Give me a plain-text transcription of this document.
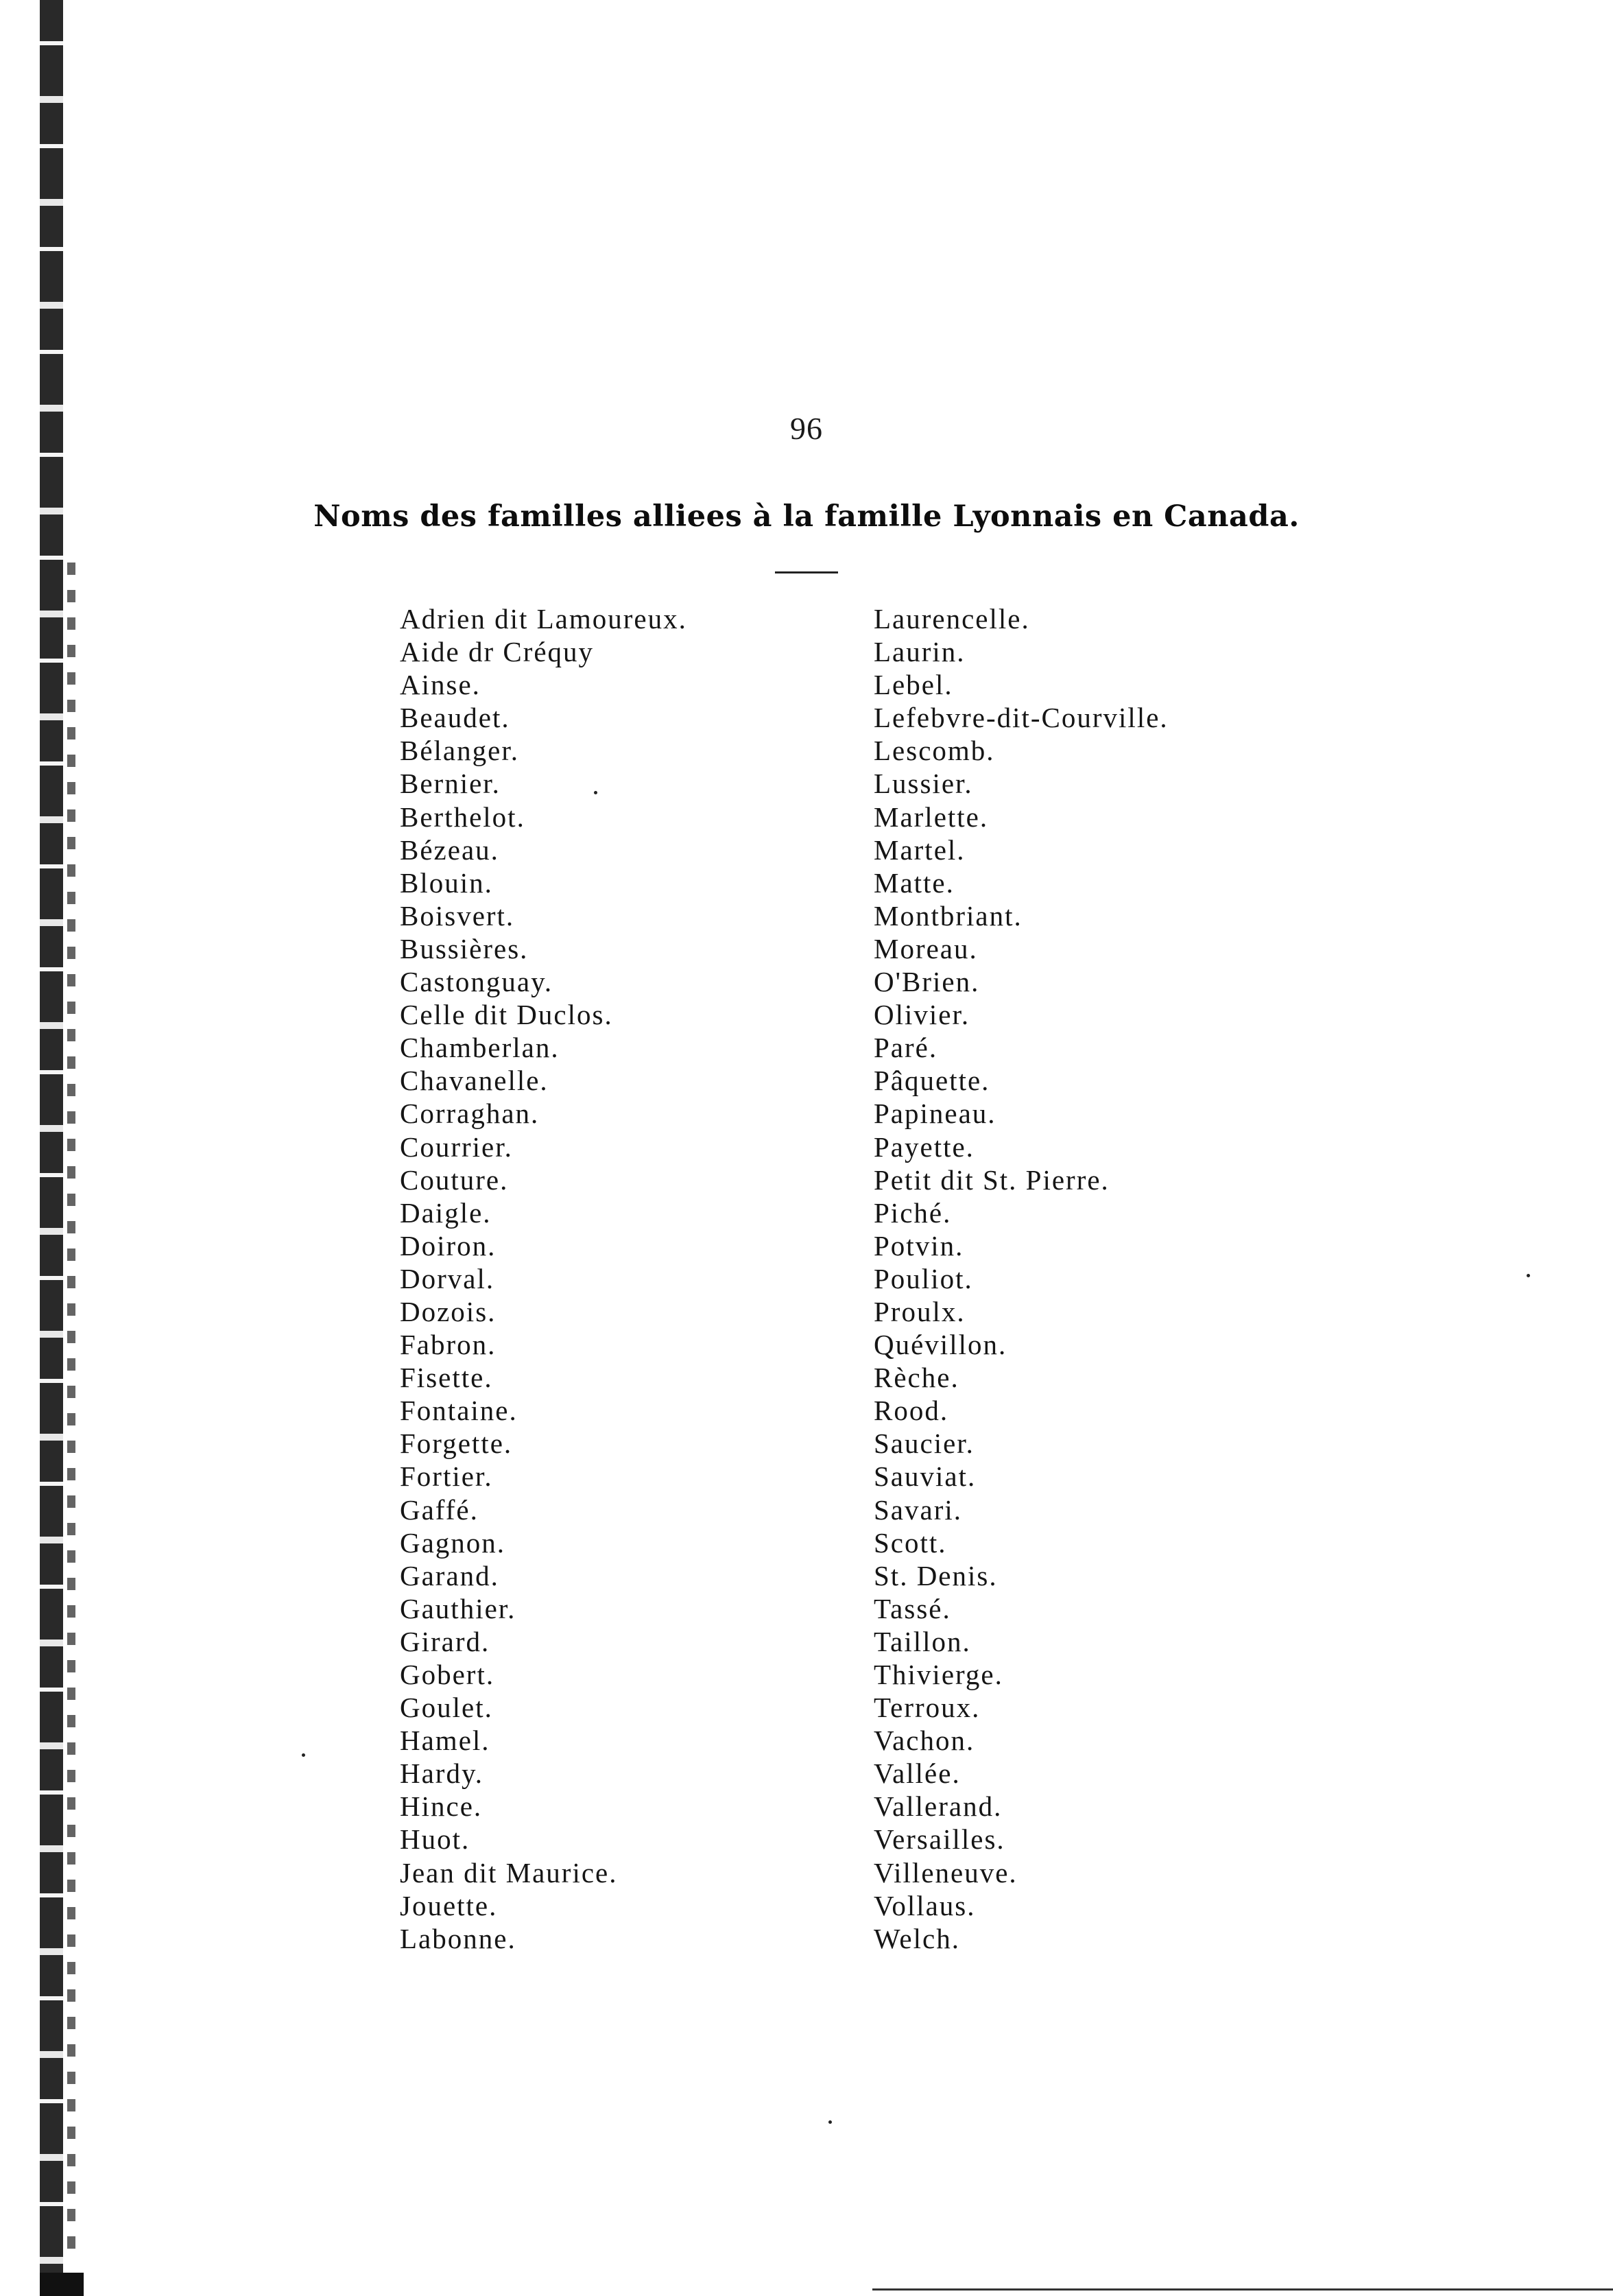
96
Noms des familles alliees à la famille Lyonnais en Canada.
Adrien dit Lamoureux.
Aide dr Créquy
Ainse.
Beaudet.
Bélanger.
Bernier.
Berthelot.
Bézeau.
Blouin.
Boisvert.
Bussières.
Castonguay.
Celle dit Duclos.
Chamberlan.
Chavanelle.
Corraghan.
Courrier.
Couture.
Daigle.
Doiron.
Dorval.
Dozois.
Fabron.
Fisette.
Fontaine.
Forgette.
Fortier.
Gaffé.
Gagnon.
Garand.
Gauthier.
Girard.
Gobert.
Goulet.
Hamel.
Hardy.
Hince.
Huot.
Jean dit Maurice.
Jouette.
Labonne.
Laurencelle.
Laurin.
Lebel.
Lefebvre-dit-Courville.
Lescomb.
Lussier.
Marlette.
Martel.
Matte.
Montbriant.
Moreau.
O'Brien.
Olivier.
Paré.
Pâquette.
Papineau.
Payette.
Petit dit St. Pierre.
Piché.
Potvin.
Pouliot.
Proulx.
Quévillon.
Rèche.
Rood.
Saucier.
Sauviat.
Savari.
Scott.
St. Denis.
Tassé.
Taillon.
Thivierge.
Terroux.
Vachon.
Vallée.
Vallerand.
Versailles.
Villeneuve.
Vollaus.
Welch.
